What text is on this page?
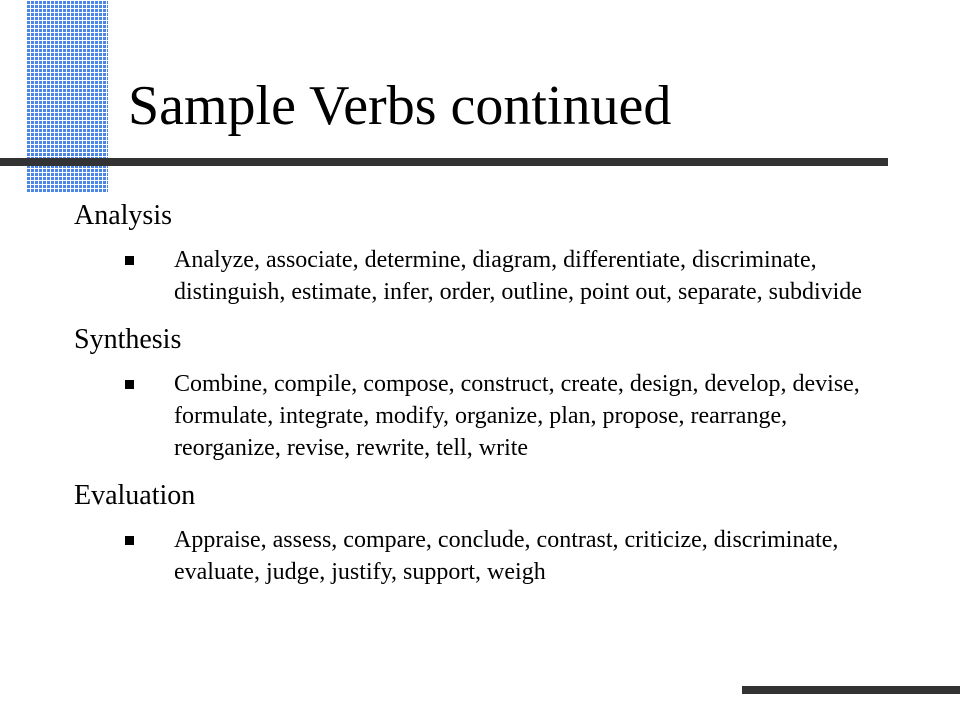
Sample Verbs continued

Analysis

Analyze, associate, determine, diagram, differentiate, discriminate, distinguish, estimate, infer, order, outline, point out, separate, subdivide

Synthesis

Combine, compile, compose, construct, create, design, develop, devise, formulate, integrate, modify, organize, plan, propose, rearrange, reorganize, revise, rewrite, tell, write

Evaluation

Appraise, assess, compare, conclude, contrast, criticize, discriminate, evaluate, judge, justify, support, weigh
